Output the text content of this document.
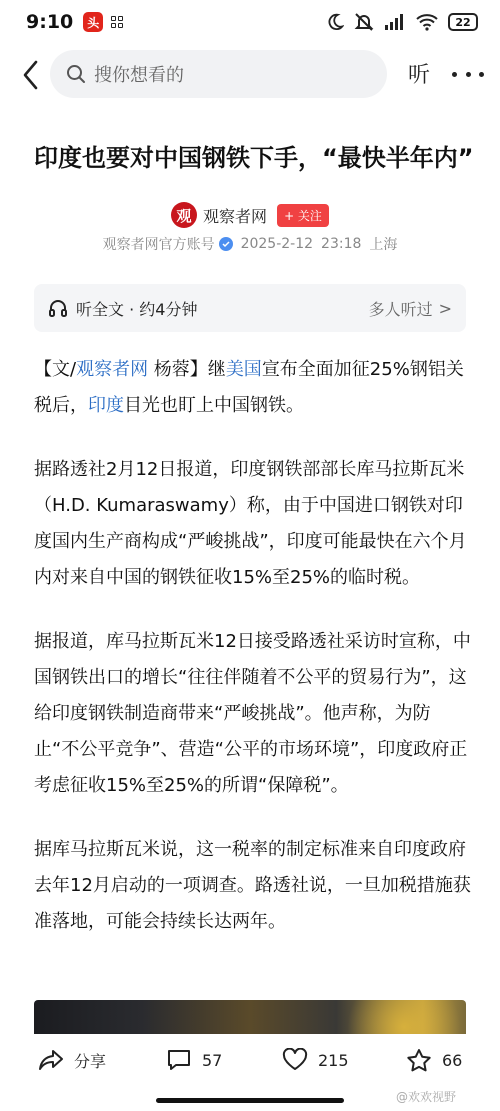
9:10	头	22
搜你想看的	听
印度也要对中国钢铁下手，“最快半年内”
观 观察者网	+ 关注
观察者网官方账号 2025-2-12 23:18 上海
听全文 · 约4分钟	多人听过 >

【文/观察者网 杨蓉】继美国宣布全面加征25%钢铝关税后，印度目光也盯上中国钢铁。

据路透社2月12日报道，印度钢铁部部长库马拉斯瓦米（H.D. Kumaraswamy）称，由于中国进口钢铁对印度国内生产商构成“严峻挑战”，印度可能最快在六个月内对来自中国的钢铁征收15%至25%的临时税。

据报道，库马拉斯瓦米12日接受路透社采访时宣称，中国钢铁出口的增长“往往伴随着不公平的贸易行为”，这给印度钢铁制造商带来“严峻挑战”。他声称，为防止“不公平竞争”、营造“公平的市场环境”，印度政府正考虑征收15%至25%的所谓“保障税”。

据库马拉斯瓦米说，这一税率的制定标准来自印度政府去年12月启动的一项调查。路透社说，一旦加税措施获准落地，可能会持续长达两年。

分享	57	215	66
@欢欢视野
